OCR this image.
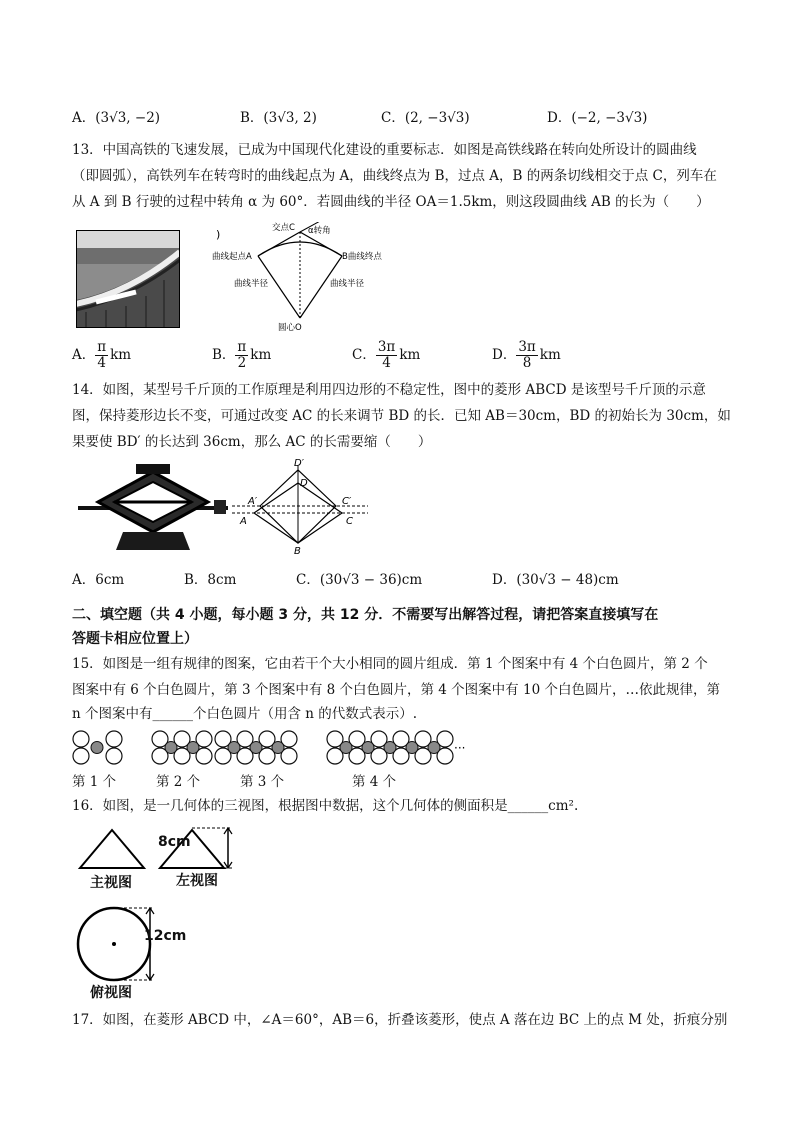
A．(3√3, −2)	B．(3√3, 2)	C．(2, −3√3)	D．(−2, −3√3)
13．中国高铁的飞速发展，已成为中国现代化建设的重要标志．如图是高铁线路在转向处所设计的圆曲线
（即圆弧），高铁列车在转弯时的曲线起点为 A，曲线终点为 B，过点 A，B 的两条切线相交于点 C，列车在
从 A 到 B 行驶的过程中转角 α 为 60°．若圆曲线的半径 OA＝1.5km，则这段圆曲线 AB 的长为（　　）
)	交点C α转角
曲线起点A	B曲线终点
曲线半径	曲线半径
圆心O
A． $\frac{\pi}{4}$ km	B． $\frac{\pi}{2}$ km	C． $\frac{3\pi}{4}$ km	D． $\frac{3\pi}{8}$ km
14．如图，某型号千斤顶的工作原理是利用四边形的不稳定性，图中的菱形 ABCD 是该型号千斤顶的示意
图，保持菱形边长不变，可通过改变 AC 的长来调节 BD 的长．已知 AB＝30cm，BD 的初始长为 30cm，如
果要使 BD′ 的长达到 36cm，那么 AC 的长需要缩（　　）
D′
D
A′
A
C′
C
B
A．6cm	B．8cm	C．(30√3 − 36)cm	D．(30√3 − 48)cm
二、填空题（共 4 小题，每小题 3 分，共 12 分．不需要写出解答过程，请把答案直接填写在
答题卡相应位置上）
15．如图是一组有规律的图案，它由若干个大小相同的圆片组成．第 1 个图案中有 4 个白色圆片，第 2 个
图案中有 6 个白色圆片，第 3 个图案中有 8 个白色圆片，第 4 个图案中有 10 个白色圆片，…依此规律，第
n 个图案中有______个白色圆片（用含 n 的代数式表示）.
···
第 1 个	第 2 个	第 3 个	第 4 个
16．如图，是一几何体的三视图，根据图中数据，这个几何体的侧面积是______cm².
8cm
主视图	左视图
12cm
俯视图
17．如图，在菱形 ABCD 中，∠A＝60°，AB＝6，折叠该菱形，使点 A 落在边 BC 上的点 M 处，折痕分别
